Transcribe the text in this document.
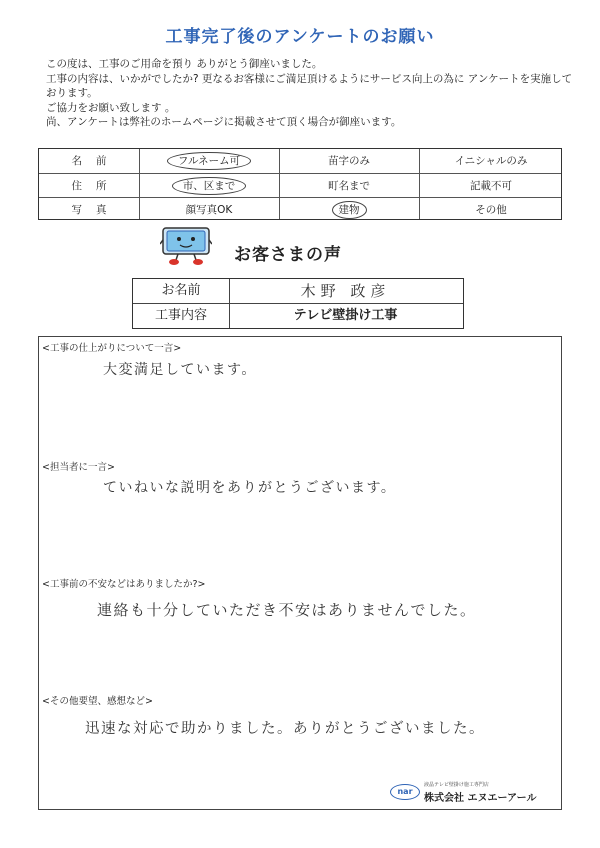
工事完了後のアンケートのお願い
この度は、工事のご用命を預り ありがとう御座いました。
工事の内容は、いかがでしたか? 更なるお客様にご満足頂けるようにサービス向上の為に アンケートを実施して
おります。
ご協力をお願い致します 。
尚、アンケートは弊社のホームページに掲載させて頂く場合が御座います。
名前	フルネーム可	苗字のみ	イニシャルのみ
住所	市、区まで	町名まで	記載不可
写真	顔写真OK	建物	その他
お客さまの声
お名前	木野 政彦
工事内容	テレビ壁掛け工事
<工事の仕上がりについて一言>
大変満足しています。
<担当者に一言>
ていねいな説明をありがとうございます。
<工事前の不安などはありましたか?>
連絡も十分していただき不安はありませんでした。
<その他要望、感想など>
迅速な対応で助かりました。ありがとうございました。
nar
液晶テレビ壁掛け施工専門店
株式会社 エヌエーアール
